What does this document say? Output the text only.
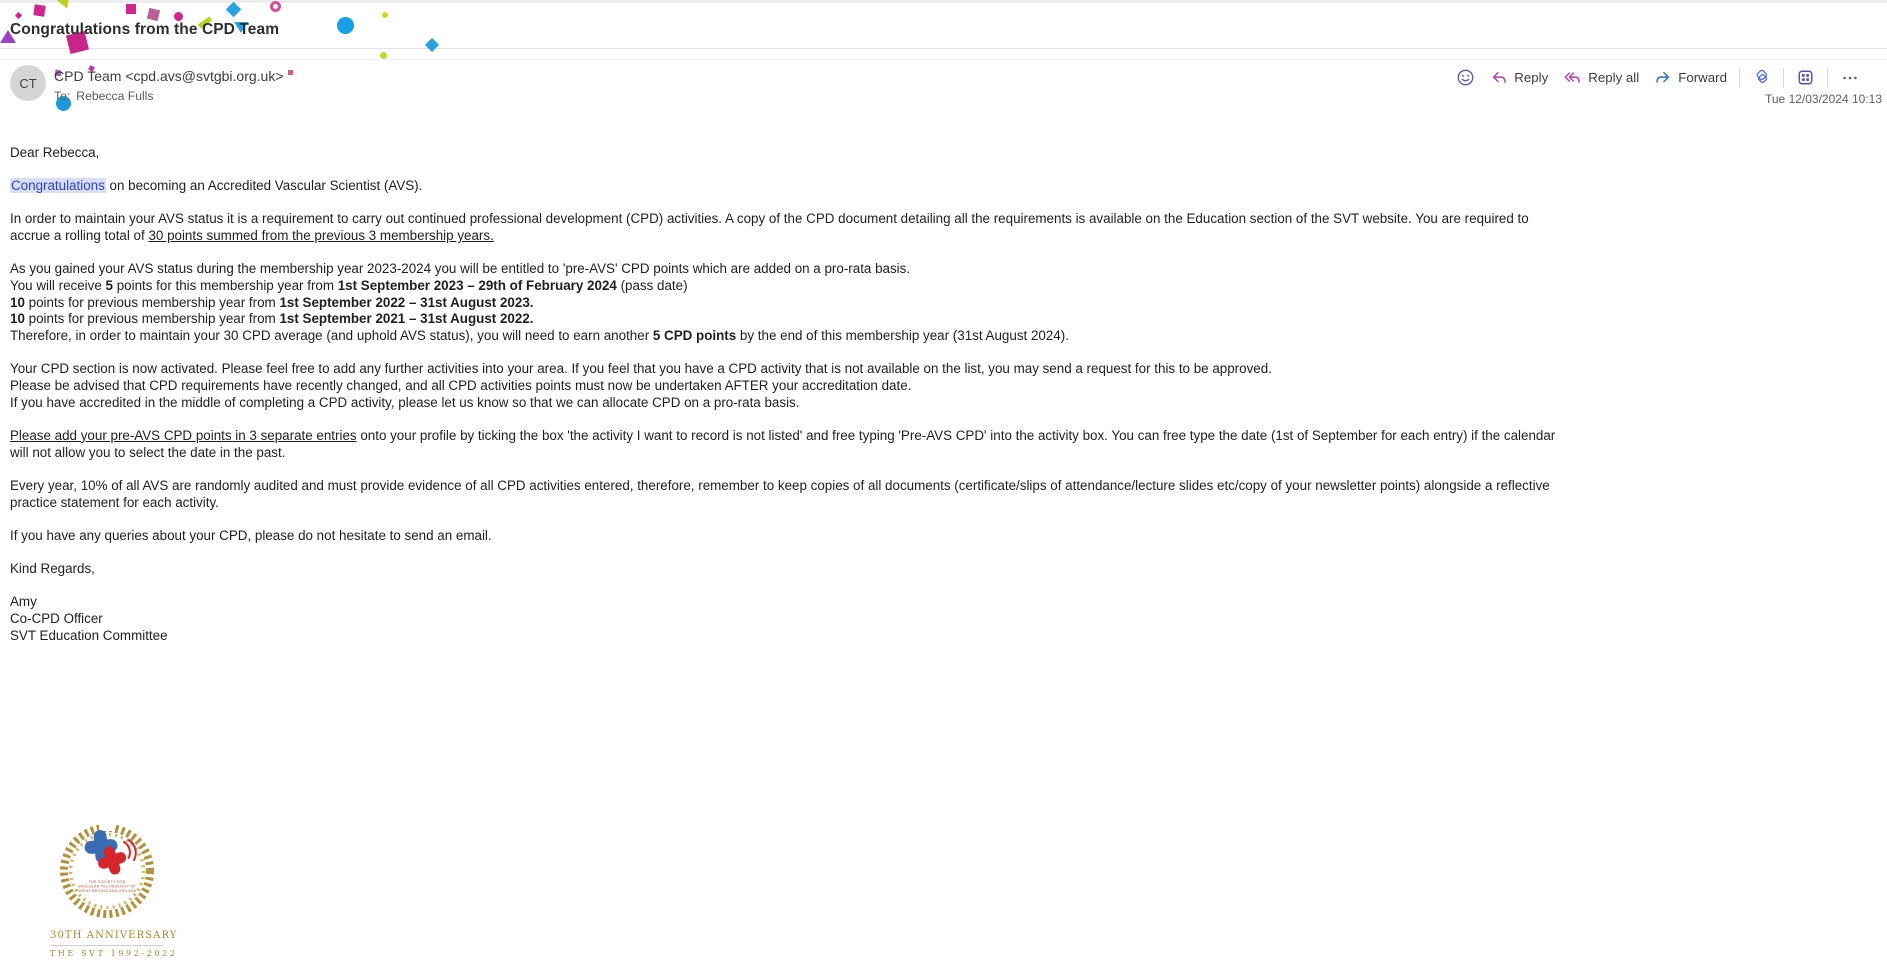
Congratulations from the CPD Team
CT CPD Team <cpd.avs@svtgbi.org.uk>
To: Rebecca Fulls
Reply	Reply all	Forward
Tue 12/03/2024 10:13
Dear Rebecca,
Congratulations on becoming an Accredited Vascular Scientist (AVS).
In order to maintain your AVS status it is a requirement to carry out continued professional development (CPD) activities. A copy of the CPD document detailing all the requirements is available on the Education section of the SVT website. You are required to accrue a rolling total of 30 points summed from the previous 3 membership years.
As you gained your AVS status during the membership year 2023-2024 you will be entitled to 'pre-AVS' CPD points which are added on a pro-rata basis.
You will receive 5 points for this membership year from 1st September 2023 – 29th of February 2024 (pass date)
10 points for previous membership year from 1st September 2022 – 31st August 2023.
10 points for previous membership year from 1st September 2021 – 31st August 2022.
Therefore, in order to maintain your 30 CPD average (and uphold AVS status), you will need to earn another 5 CPD points by the end of this membership year (31st August 2024).
Your CPD section is now activated. Please feel free to add any further activities into your area. If you feel that you have a CPD activity that is not available on the list, you may send a request for this to be approved.
Please be advised that CPD requirements have recently changed, and all CPD activities points must now be undertaken AFTER your accreditation date.
If you have accredited in the middle of completing a CPD activity, please let us know so that we can allocate CPD on a pro-rata basis.
Please add your pre-AVS CPD points in 3 separate entries onto your profile by ticking the box 'the activity I want to record is not listed' and free typing 'Pre-AVS CPD' into the activity box. You can free type the date (1st of September for each entry) if the calendar will not allow you to select the date in the past.
Every year, 10% of all AVS are randomly audited and must provide evidence of all CPD activities entered, therefore, remember to keep copies of all documents (certificate/slips of attendance/lecture slides etc/copy of your newsletter points) alongside a reflective practice statement for each activity.
If you have any queries about your CPD, please do not hesitate to send an email.
Kind Regards,
Amy
Co-CPD Officer
SVT Education Committee
THE SOCIETY FOR
VASCULAR TECHNOLOGY OF
GREAT BRITAIN AND IRELAND
30TH ANNIVERSARY
THE SVT 1992-2022
